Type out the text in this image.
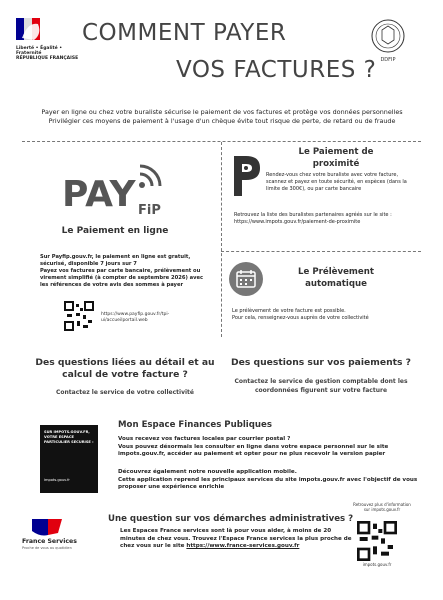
Liberté • Égalité • Fraternité
RÉPUBLIQUE FRANÇAISE
COMMENT PAYER
VOS FACTURES ? DDFIP
Payer en ligne ou chez votre buraliste sécurise le paiement de vos factures et protège vos données personnelles
Privilégier ces moyens de paiement à l'usage d'un chèque évite tout risque de perte, de retard ou de fraude
PAY FiP
Le Paiement en ligne
Sur Payfip.gouv.fr, le paiement en ligne est gratuit, sécurisé, disponible 7 jours sur 7
Payez vos factures par carte bancaire, prélèvement ou virement simplifié (à compter de septembre 2026) avec les références de votre avis des sommes à payer
https://www.payfip.gouv.fr/tpi-ui/accueilportail.web
Le Paiement de
proximité
Rendez-vous chez votre buraliste avec votre facture, scannez et payez en toute sécurité, en espèces (dans la limite de 300€), ou par carte bancaire
Retrouvez la liste des buralistes partenaires agréés sur le site : https://www.impots.gouv.fr/paiement-de-proximite
Le Prélèvement
automatique
Le prélèvement de votre facture est possible.
Pour cela, renseignez-vous auprès de votre collectivité
Des questions liées au détail et au calcul de votre facture ?
Contactez le service de votre collectivité
Des questions sur vos paiements ?
Contactez le service de gestion comptable dont les coordonnées figurent sur votre facture
SUR IMPOTS.GOUV.FR, VOTRE ESPACE PARTICULIER SECURISE :
impots.gouv.fr
Mon Espace Finances Publiques
Vous recevez vos factures locales par courrier postal ?
Vous pouvez désormais les consulter en ligne dans votre espace personnel sur le site impots.gouv.fr, accéder au paiement et opter pour ne plus recevoir la version papier
Découvrez également notre nouvelle application mobile.
Cette application reprend les principaux services du site impots.gouv.fr avec l'objectif de vous proposer une expérience enrichie
France Services
Proche de vous au quotidien
Une question sur vos démarches administratives ?
Les Espaces France services sont là pour vous aider, à moins de 20 minutes de chez vous. Trouvez l'Espace France services la plus proche de chez vous sur le site https://www.france-services.gouv.fr
Retrouvez plus d'information sur impots.gouv.fr
impots.gouv.fr
